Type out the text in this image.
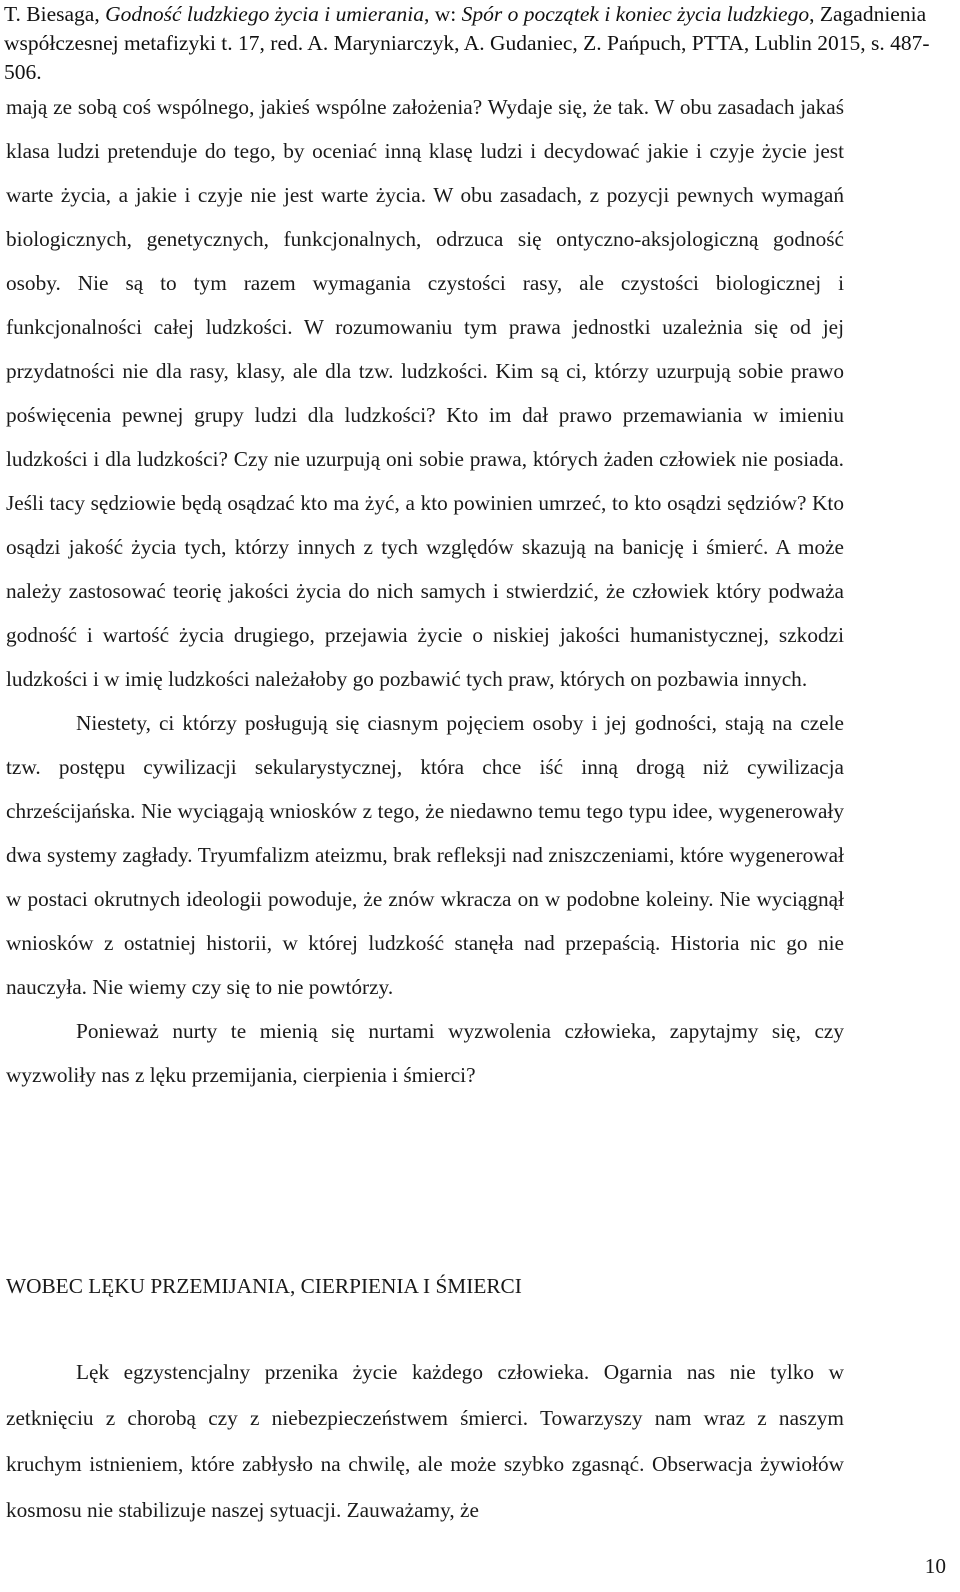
T. Biesaga, Godność ludzkiego życia i umierania, w: Spór o początek i koniec życia ludzkiego, Zagadnienia współczesnej metafizyki t. 17, red. A. Maryniarczyk, A. Gudaniec, Z. Pańpuch, PTTA, Lublin 2015, s. 487-506.

mają ze sobą coś wspólnego, jakieś wspólne założenia? Wydaje się, że tak. W obu zasadach jakaś klasa ludzi pretenduje do tego, by oceniać inną klasę ludzi i decydować jakie i czyje życie jest warte życia, a jakie i czyje nie jest warte życia. W obu zasadach, z pozycji pewnych wymagań biologicznych, genetycznych, funkcjonalnych, odrzuca się ontyczno-aksjologiczną godność osoby. Nie są to tym razem wymagania czystości rasy, ale czystości biologicznej i funkcjonalności całej ludzkości. W rozumowaniu tym prawa jednostki uzależnia się od jej przydatności nie dla rasy, klasy, ale dla tzw. ludzkości. Kim są ci, którzy uzurpują sobie prawo poświęcenia pewnej grupy ludzi dla ludzkości? Kto im dał prawo przemawiania w imieniu ludzkości i dla ludzkości? Czy nie uzurpują oni sobie prawa, których żaden człowiek nie posiada. Jeśli tacy sędziowie będą osądzać kto ma żyć, a kto powinien umrzeć, to kto osądzi sędziów? Kto osądzi jakość życia tych, którzy innych z tych względów skazują na banicję i śmierć. A może należy zastosować teorię jakości życia do nich samych i stwierdzić, że człowiek który podważa godność i wartość życia drugiego, przejawia życie o niskiej jakości humanistycznej, szkodzi ludzkości i w imię ludzkości należałoby go pozbawić tych praw, których on pozbawia innych.

Niestety, ci którzy posługują się ciasnym pojęciem osoby i jej godności, stają na czele tzw. postępu cywilizacji sekularystycznej, która chce iść inną drogą niż cywilizacja chrześcijańska. Nie wyciągają wniosków z tego, że niedawno temu tego typu idee, wygenerowały dwa systemy zagłady. Tryumfalizm ateizmu, brak refleksji nad zniszczeniami, które wygenerował w postaci okrutnych ideologii powoduje, że znów wkracza on w podobne koleiny. Nie wyciągnął wniosków z ostatniej historii, w której ludzkość stanęła nad przepaścią. Historia nic go nie nauczyła. Nie wiemy czy się to nie powtórzy.

Ponieważ nurty te mienią się nurtami wyzwolenia człowieka, zapytajmy się, czy wyzwoliły nas z lęku przemijania, cierpienia i śmierci?

WOBEC LĘKU PRZEMIJANIA, CIERPIENIA I ŚMIERCI

Lęk egzystencjalny przenika życie każdego człowieka. Ogarnia nas nie tylko w zetknięciu z chorobą czy z niebezpieczeństwem śmierci. Towarzyszy nam wraz z naszym kruchym istnieniem, które zabłysło na chwilę, ale może szybko zgasnąć. Obserwacja żywiołów kosmosu nie stabilizuje naszej sytuacji. Zauważamy, że

10
